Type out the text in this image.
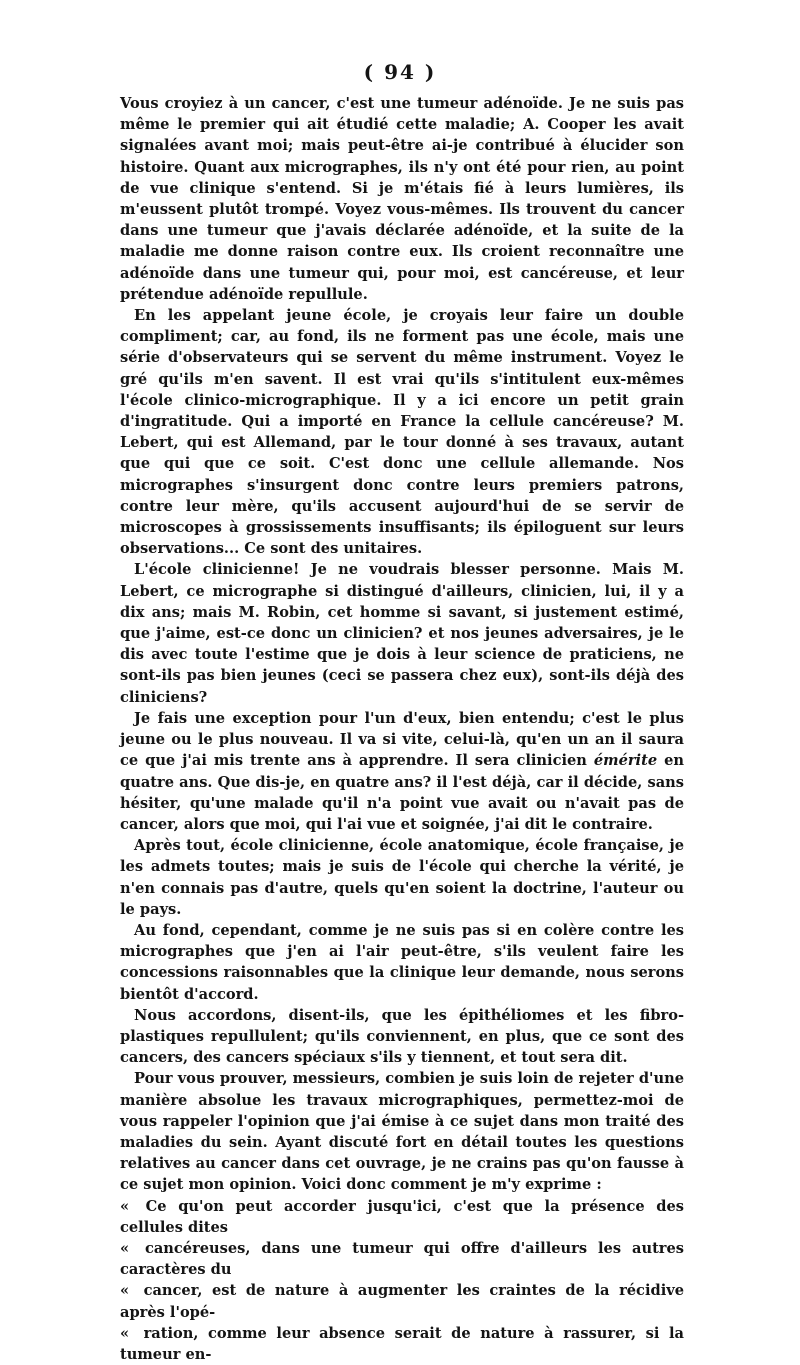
( 94 )

Vous croyiez à un cancer, c'est une tumeur adénoïde. Je ne suis pas même le premier qui ait étudié cette maladie; A. Cooper les avait signalées avant moi; mais peut-être ai-je contribué à élucider son histoire. Quant aux micrographes, ils n'y ont été pour rien, au point de vue clinique s'entend. Si je m'étais fié à leurs lumières, ils m'eussent plutôt trompé. Voyez vous-mêmes. Ils trouvent du cancer dans une tumeur que j'avais déclarée adénoïde, et la suite de la maladie me donne raison contre eux. Ils croient reconnaître une adénoïde dans une tumeur qui, pour moi, est cancéreuse, et leur prétendue adénoïde repullule.

En les appelant jeune école, je croyais leur faire un double compliment; car, au fond, ils ne forment pas une école, mais une série d'observateurs qui se servent du même instrument. Voyez le gré qu'ils m'en savent. Il est vrai qu'ils s'intitulent eux-mêmes l'école clinico-micrographique. Il y a ici encore un petit grain d'ingratitude. Qui a importé en France la cellule cancéreuse? M. Lebert, qui est Allemand, par le tour donné à ses travaux, autant que qui que ce soit. C'est donc une cellule allemande. Nos micrographes s'insurgent donc contre leurs premiers patrons, contre leur mère, qu'ils accusent aujourd'hui de se servir de microscopes à grossissements insuffisants; ils épiloguent sur leurs observations... Ce sont des unitaires.

L'école clinicienne! Je ne voudrais blesser personne. Mais M. Lebert, ce micrographe si distingué d'ailleurs, clinicien, lui, il y a dix ans; mais M. Robin, cet homme si savant, si justement estimé, que j'aime, est-ce donc un clinicien? et nos jeunes adversaires, je le dis avec toute l'estime que je dois à leur science de praticiens, ne sont-ils pas bien jeunes (ceci se passera chez eux), sont-ils déjà des cliniciens?

Je fais une exception pour l'un d'eux, bien entendu; c'est le plus jeune ou le plus nouveau. Il va si vite, celui-là, qu'en un an il saura ce que j'ai mis trente ans à apprendre. Il sera clinicien émérite en quatre ans. Que dis-je, en quatre ans? il l'est déjà, car il décide, sans hésiter, qu'une malade qu'il n'a point vue avait ou n'avait pas de cancer, alors que moi, qui l'ai vue et soignée, j'ai dit le contraire.

Après tout, école clinicienne, école anatomique, école française, je les admets toutes; mais je suis de l'école qui cherche la vérité, je n'en connais pas d'autre, quels qu'en soient la doctrine, l'auteur ou le pays.

Au fond, cependant, comme je ne suis pas si en colère contre les micrographes que j'en ai l'air peut-être, s'ils veulent faire les concessions raisonnables que la clinique leur demande, nous serons bientôt d'accord.

Nous accordons, disent-ils, que les épithéliomes et les fibro-plastiques repullulent; qu'ils conviennent, en plus, que ce sont des cancers, des cancers spéciaux s'ils y tiennent, et tout sera dit.

Pour vous prouver, messieurs, combien je suis loin de rejeter d'une manière absolue les travaux micrographiques, permettez-moi de vous rappeler l'opinion que j'ai émise à ce sujet dans mon traité des maladies du sein. Ayant discuté fort en détail toutes les questions relatives au cancer dans cet ouvrage, je ne crains pas qu'on fausse à ce sujet mon opinion. Voici donc comment je m'y exprime :

« Ce qu'on peut accorder jusqu'ici, c'est que la présence des cellules dites
« cancéreuses, dans une tumeur qui offre d'ailleurs les autres caractères du
« cancer, est de nature à augmenter les craintes de la récidive après l'opé-
« ration, comme leur absence serait de nature à rassurer, si la tumeur en-
